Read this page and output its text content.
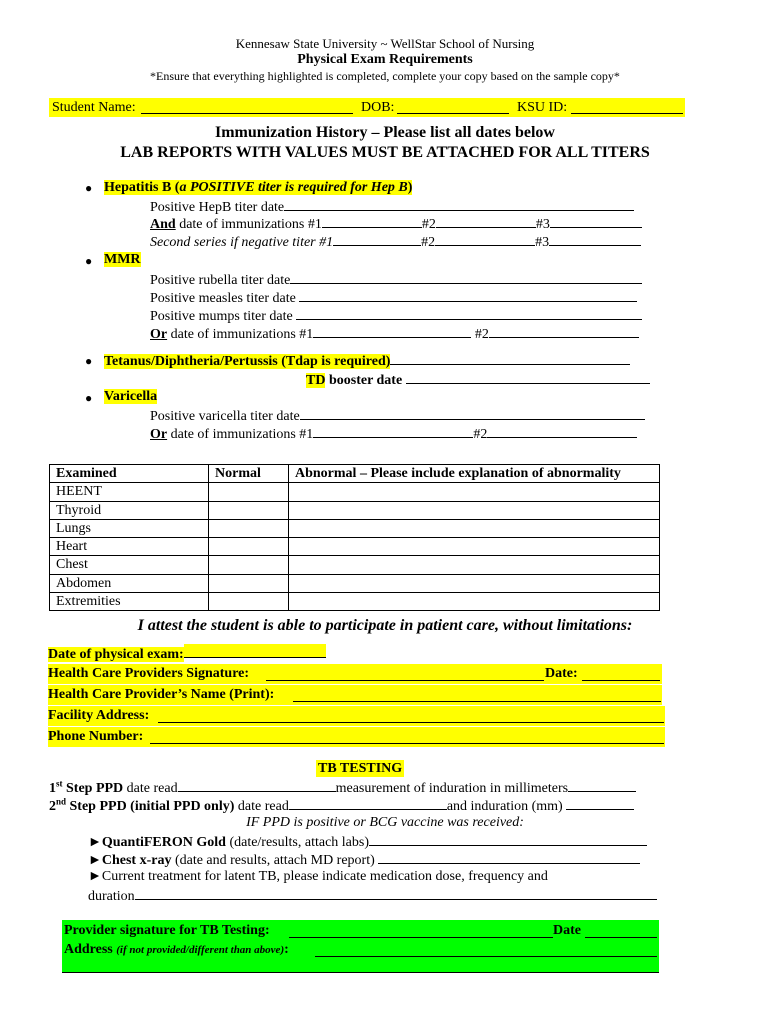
Kennesaw State University ~ WellStar School of Nursing
Physical Exam Requirements
*Ensure that everything highlighted is completed, complete your copy based on the sample copy*
Student Name:	DOB:	KSU ID:
Immunization History – Please list all dates below
LAB REPORTS WITH VALUES MUST BE ATTACHED FOR ALL TITERS
● Hepatitis B (a POSITIVE titer is required for Hep B)
Positive HepB titer date
And date of immunizations #1	#2	#3
Second series if negative titer #1	#2	#3
● MMR
Positive rubella titer date
Positive measles titer date
Positive mumps titer date
Or date of immunizations #1	#2
● Tetanus/Diphtheria/Pertussis (Tdap is required)
TD booster date
● Varicella
Positive varicella titer date
Or date of immunizations #1	#2
Examined	Normal	Abnormal – Please include explanation of abnormality
HEENT		
Thyroid		
Lungs		
Heart		
Chest		
Abdomen		
Extremities		
I attest the student is able to participate in patient care, without limitations:
Date of physical exam:
Health Care Providers Signature:	Date:
Health Care Provider’s Name (Print):
Facility Address:
Phone Number:
TB TESTING
1st Step PPD date read	measurement of induration in millimeters
2nd Step PPD (initial PPD only) date read	and induration (mm)
IF PPD is positive or BCG vaccine was received:
►QuantiFERON Gold (date/results, attach labs)
►Chest x-ray (date and results, attach MD report)
►Current treatment for latent TB, please indicate medication dose, frequency and
duration
Provider signature for TB Testing:	Date
Address (if not provided/different than above):
